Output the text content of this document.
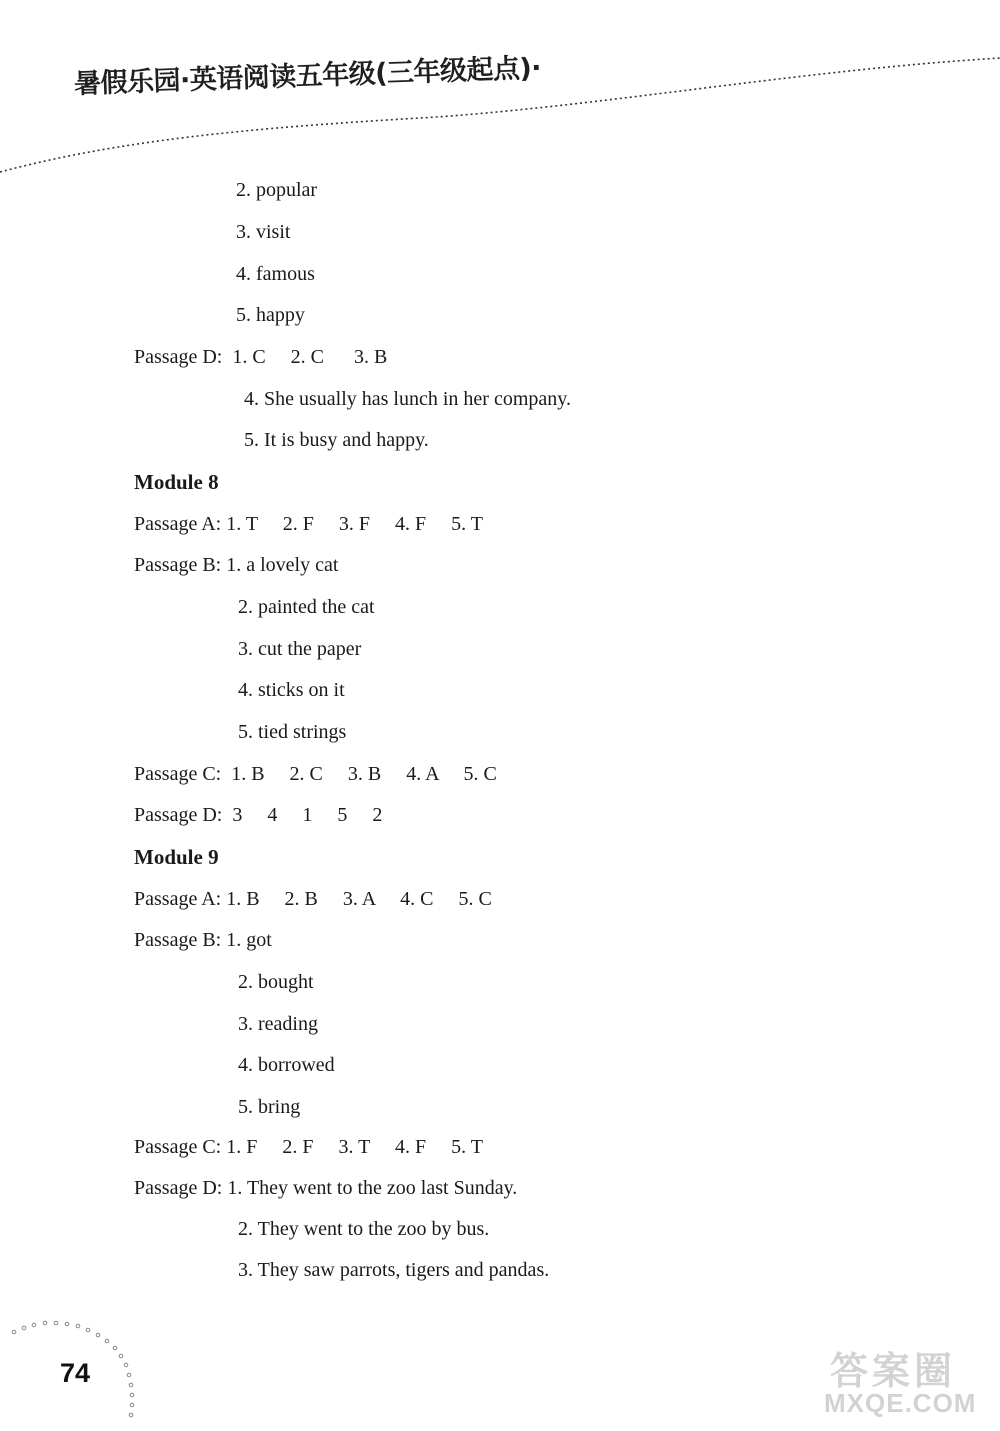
暑假乐园·英语阅读五年级(三年级起点)·
2. popular
3. visit
4. famous
5. happy
Passage D:  1. C     2. C      3. B
4. She usually has lunch in her company.
5. It is busy and happy.
Module 8
Passage A: 1. T     2. F     3. F     4. F     5. T
Passage B: 1. a lovely cat
2. painted the cat
3. cut the paper
4. sticks on it
5. tied strings
Passage C:  1. B     2. C     3. B     4. A     5. C
Passage D:  3     4     1     5     2
Module 9
Passage A: 1. B     2. B     3. A     4. C     5. C
Passage B: 1. got
2. bought
3. reading
4. borrowed
5. bring
Passage C: 1. F     2. F     3. T     4. F     5. T
Passage D: 1. They went to the zoo last Sunday.
2. They went to the zoo by bus.
3. They saw parrots, tigers and pandas.
74	答案圈
MXQE.COM
